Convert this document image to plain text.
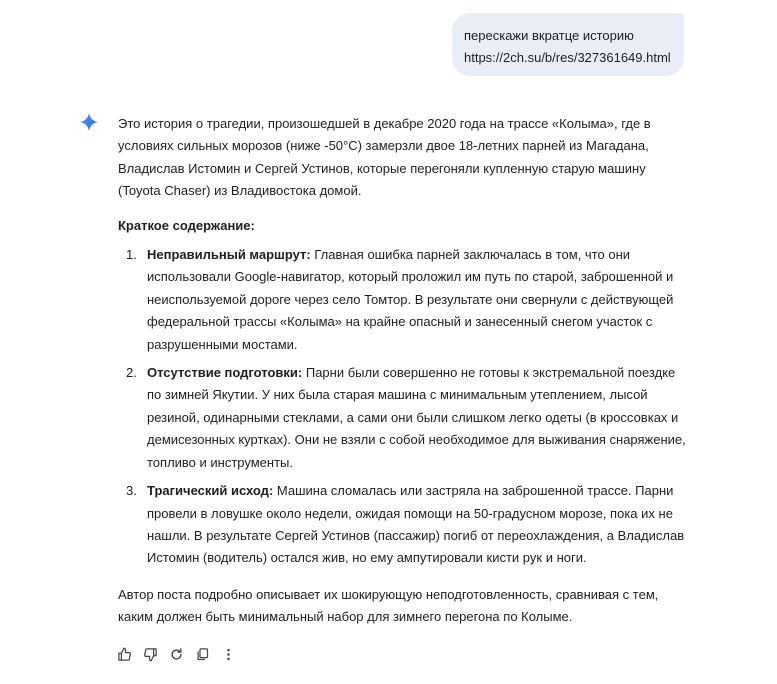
перескажи вкратце историю
https://2ch.su/b/res/327361649.html

Это история о трагедии, произошедшей в декабре 2020 года на трассе «Колыма», где в условиях сильных морозов (ниже -50°C) замерзли двое 18-летних парней из Магадана, Владислав Истомин и Сергей Устинов, которые перегоняли купленную старую машину (Toyota Chaser) из Владивостока домой.

Краткое содержание:

1. Неправильный маршрут: Главная ошибка парней заключалась в том, что они использовали Google-навигатор, который проложил им путь по старой, заброшенной и неиспользуемой дороге через село Томтор. В результате они свернули с действующей федеральной трассы «Колыма» на крайне опасный и занесенный снегом участок с разрушенными мостами.
2. Отсутствие подготовки: Парни были совершенно не готовы к экстремальной поездке по зимней Якутии. У них была старая машина с минимальным утеплением, лысой резиной, одинарными стеклами, а сами они были слишком легко одеты (в кроссовках и демисезонных куртках). Они не взяли с собой необходимое для выживания снаряжение, топливо и инструменты.
3. Трагический исход: Машина сломалась или застряла на заброшенной трассе. Парни провели в ловушке около недели, ожидая помощи на 50-градусном морозе, пока их не нашли. В результате Сергей Устинов (пассажир) погиб от переохлаждения, а Владислав Истомин (водитель) остался жив, но ему ампутировали кисти рук и ноги.

Автор поста подробно описывает их шокирующую неподготовленность, сравнивая с тем, каким должен быть минимальный набор для зимнего перегона по Колыме.
